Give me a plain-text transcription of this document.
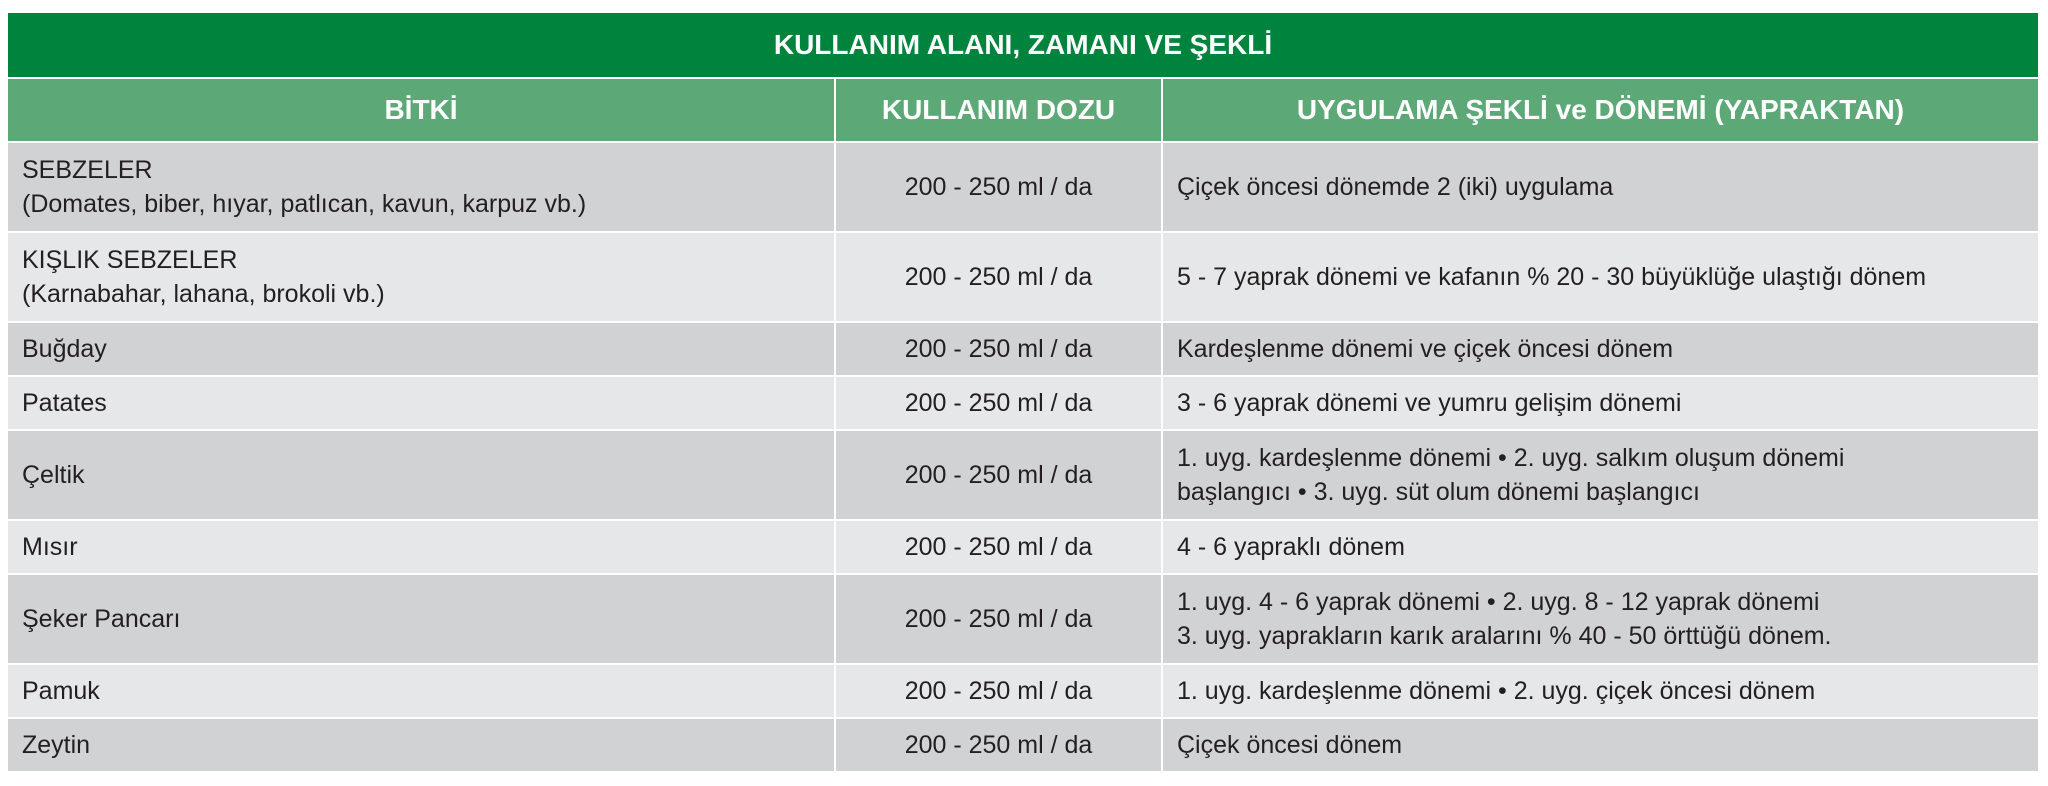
KULLANIM ALANI, ZAMANI VE ŞEKLİ		
BİTKİ	KULLANIM DOZU	UYGULAMA ŞEKLİ ve DÖNEMİ (YAPRAKTAN)

SEBZELER
(Domates, biber, hıyar, patlıcan, kavun, karpuz vb.)	200 - 250 ml / da	Çiçek öncesi dönemde 2 (iki) uygulama

KIŞLIK SEBZELER
(Karnabahar, lahana, brokoli vb.)	200 - 250 ml / da	5 - 7 yaprak dönemi ve kafanın % 20 - 30 büyüklüğe ulaştığı dönem

Buğday	200 - 250 ml / da	Kardeşlenme dönemi ve çiçek öncesi dönem

Patates	200 - 250 ml / da	3 - 6 yaprak dönemi ve yumru gelişim dönemi

Çeltik	200 - 250 ml / da	1. uyg. kardeşlenme dönemi • 2. uyg. salkım oluşum dönemi
başlangıcı • 3. uyg. süt olum dönemi başlangıcı

Mısır	200 - 250 ml / da	4 - 6 yapraklı dönem

Şeker Pancarı	200 - 250 ml / da	1. uyg. 4 - 6 yaprak dönemi • 2. uyg. 8 - 12 yaprak dönemi
3. uyg. yaprakların karık aralarını % 40 - 50 örttüğü dönem.

Pamuk	200 - 250 ml / da	1. uyg. kardeşlenme dönemi • 2. uyg. çiçek öncesi dönem

Zeytin	200 - 250 ml / da	Çiçek öncesi dönem
